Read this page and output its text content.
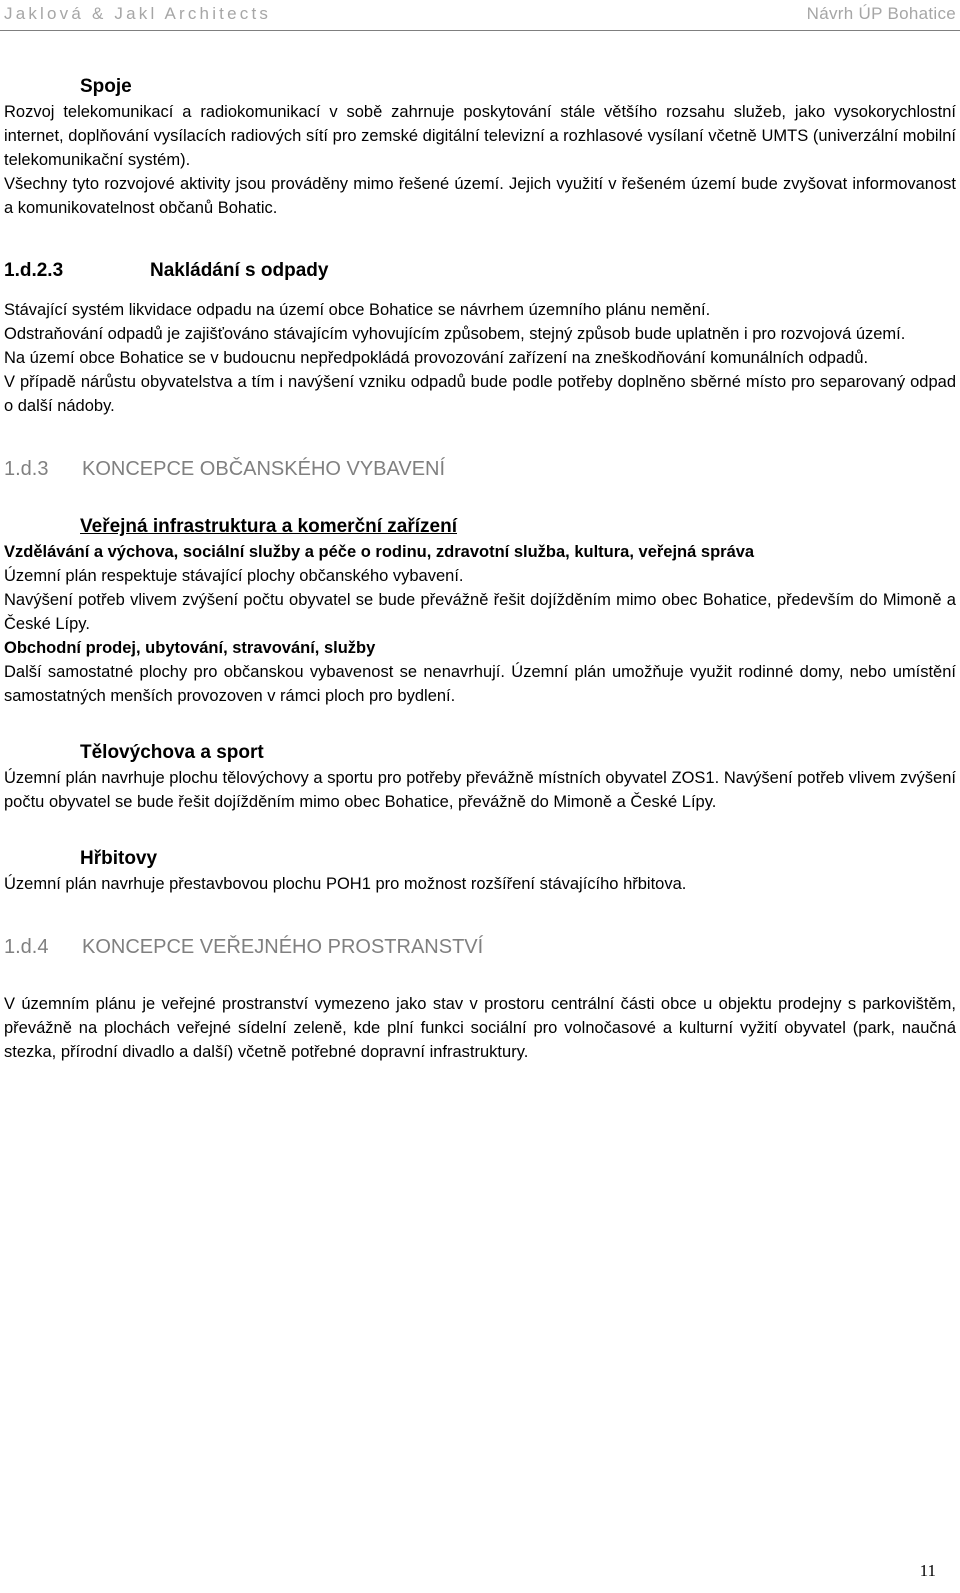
Jaklová & Jakl Architects	Návrh ÚP Bohatice
Spoje

Rozvoj telekomunikací a radiokomunikací v sobě zahrnuje poskytování stále většího rozsahu služeb, jako vysokorychlostní internet, doplňování vysílacích radiových sítí pro zemské digitální televizní a rozhlasové vysílaní včetně UMTS (univerzální mobilní telekomunikační systém).

Všechny tyto rozvojové aktivity jsou prováděny mimo řešené území. Jejich využití v řešeném území bude zvyšovat informovanost a komunikovatelnost občanů Bohatic.

1.d.2.3	Nakládání s odpady

Stávající systém likvidace odpadu na území obce Bohatice se návrhem územního plánu nemění.

Odstraňování odpadů je zajišťováno stávajícím vyhovujícím způsobem, stejný způsob bude uplatněn i pro rozvojová území.

Na území obce Bohatice se v budoucnu nepředpokládá provozování zařízení na zneškodňování komunálních odpadů.

V případě nárůstu obyvatelstva a tím i navýšení vzniku odpadů bude podle potřeby doplněno sběrné místo pro separovaný odpad o další nádoby.

1.d.3	KONCEPCE OBČANSKÉHO VYBAVENÍ
Veřejná infrastruktura a komerční zařízení

Vzdělávání a výchova, sociální služby a péče o rodinu, zdravotní služba, kultura, veřejná správa

Územní plán respektuje stávající plochy občanského vybavení.

Navýšení potřeb vlivem zvýšení počtu obyvatel se bude převážně řešit dojížděním mimo obec Bohatice, především do Mimoně a České Lípy.

Obchodní prodej, ubytování, stravování, služby

Další samostatné plochy pro občanskou vybavenost se nenavrhují. Územní plán umožňuje využit rodinné domy, nebo umístění samostatných menších provozoven v rámci ploch pro bydlení.

Tělovýchova a sport

Územní plán navrhuje plochu tělovýchovy a sportu pro potřeby převážně místních obyvatel ZOS1. Navýšení potřeb vlivem zvýšení počtu obyvatel se bude řešit dojížděním mimo obec Bohatice, převážně do Mimoně a České Lípy.

Hřbitovy

Územní plán navrhuje přestavbovou plochu POH1 pro možnost rozšíření stávajícího hřbitova.

1.d.4	KONCEPCE VEŘEJNÉHO PROSTRANSTVÍ

V územním plánu je veřejné prostranství vymezeno jako stav v prostoru centrální části obce u objektu prodejny s parkovištěm, převážně na plochách veřejné sídelní zeleně, kde plní funkci sociální pro volnočasové a kulturní vyžití obyvatel (park, naučná stezka, přírodní divadlo a další) včetně potřebné dopravní infrastruktury.

11
